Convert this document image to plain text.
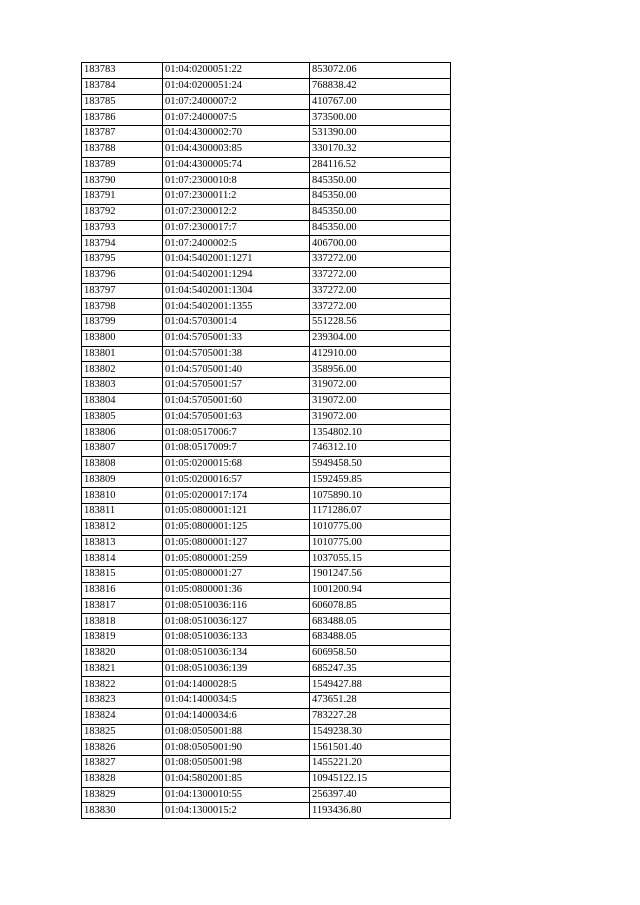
183783	01:04:0200051:22	853072.06
183784	01:04:0200051:24	768838.42
183785	01:07:2400007:2	410767.00
183786	01:07:2400007:5	373500.00
183787	01:04:4300002:70	531390.00
183788	01:04:4300003:85	330170.32
183789	01:04:4300005:74	284116.52
183790	01:07:2300010:8	845350.00
183791	01:07:2300011:2	845350.00
183792	01:07:2300012:2	845350.00
183793	01:07:2300017:7	845350.00
183794	01:07:2400002:5	406700.00
183795	01:04:5402001:1271	337272.00
183796	01:04:5402001:1294	337272.00
183797	01:04:5402001:1304	337272.00
183798	01:04:5402001:1355	337272.00
183799	01:04:5703001:4	551228.56
183800	01:04:5705001:33	239304.00
183801	01:04:5705001:38	412910.00
183802	01:04:5705001:40	358956.00
183803	01:04:5705001:57	319072.00
183804	01:04:5705001:60	319072.00
183805	01:04:5705001:63	319072.00
183806	01:08:0517006:7	1354802.10
183807	01:08:0517009:7	746312.10
183808	01:05:0200015:68	5949458.50
183809	01:05:0200016:57	1592459.85
183810	01:05:0200017:174	1075890.10
183811	01:05:0800001:121	1171286.07
183812	01:05:0800001:125	1010775.00
183813	01:05:0800001:127	1010775.00
183814	01:05:0800001:259	1037055.15
183815	01:05:0800001:27	1901247.56
183816	01:05:0800001:36	1001200.94
183817	01:08:0510036:116	606078.85
183818	01:08:0510036:127	683488.05
183819	01:08:0510036:133	683488.05
183820	01:08:0510036:134	606958.50
183821	01:08:0510036:139	685247.35
183822	01:04:1400028:5	1549427.88
183823	01:04:1400034:5	473651.28
183824	01:04:1400034:6	783227.28
183825	01:08:0505001:88	1549238.30
183826	01:08:0505001:90	1561501.40
183827	01:08:0505001:98	1455221.20
183828	01:04:5802001:85	10945122.15
183829	01:04:1300010:55	256397.40
183830	01:04:1300015:2	1193436.80
